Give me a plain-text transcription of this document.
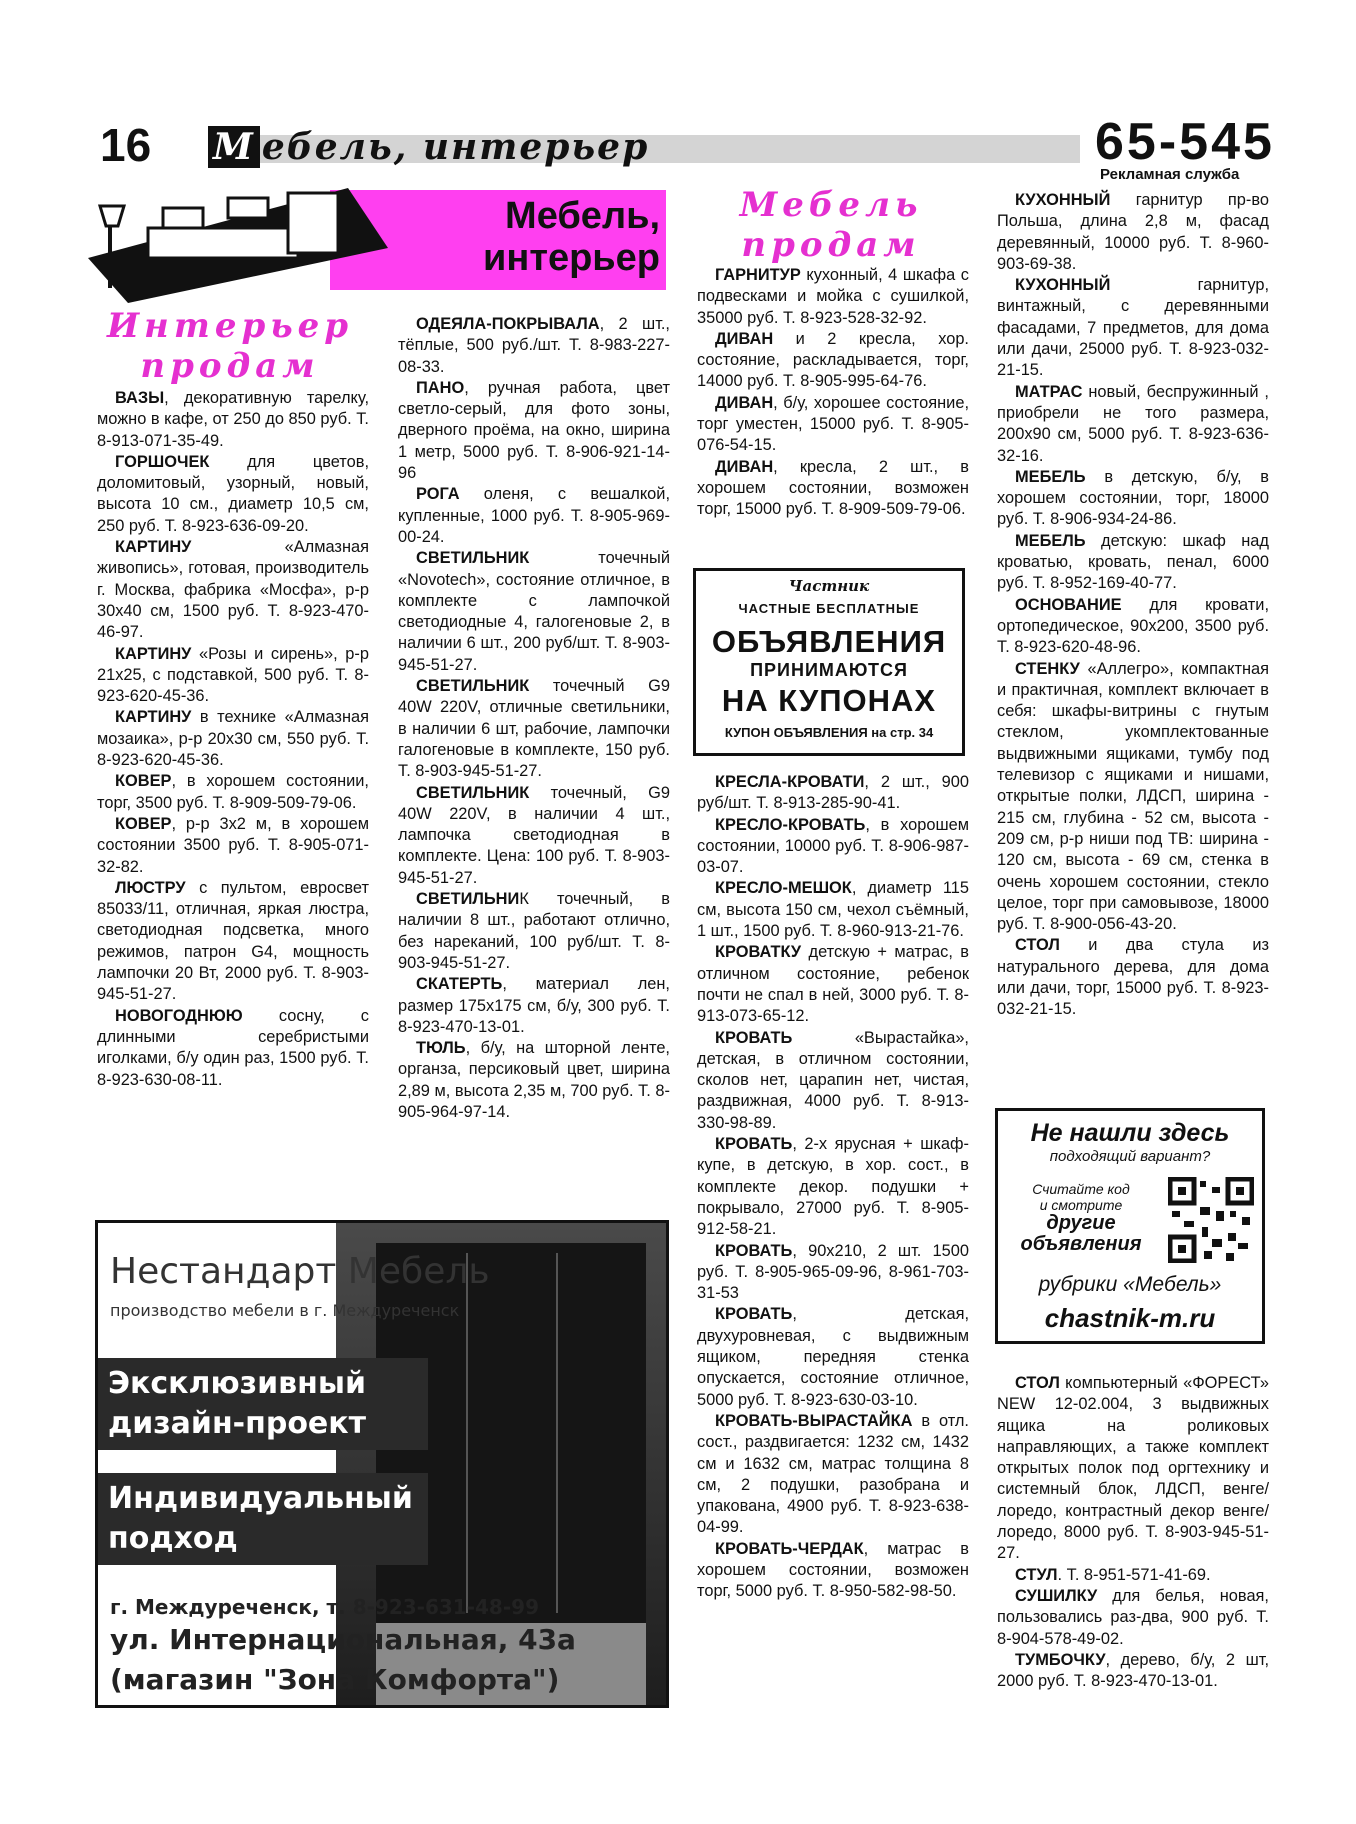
16 М ебель, интерьер	65-545
Рекламная служба
Мебель,
интерьер
Интерьер
продам

ВАЗЫ, декоративную тарелку, можно в кафе, от 250 до 850 руб. Т. 8-913-071-35-49.

ГОРШОЧЕК для цветов, доломитовый, узорный, новый, высота 10 см., диаметр 10,5 см, 250 руб. Т. 8-923-636-09-20.

КАРТИНУ «Алмазная живопись», готовая, производитель г. Москва, фабрика «Мосфа», р-р 30х40 см, 1500 руб. Т. 8-923-470-46-97.

КАРТИНУ «Розы и сирень», р-р 21х25, с подставкой, 500 руб. Т. 8-923-620-45-36.

КАРТИНУ в технике «Алмазная мозаика», р-р 20х30 см, 550 руб. Т. 8-923-620-45-36.

КОВЕР, в хорошем состоянии, торг, 3500 руб. Т. 8-909-509-79-06.

КОВЕР, р-р 3х2 м, в хорошем состоянии 3500 руб. Т. 8-905-071-32-82.

ЛЮСТРУ с пультом, евросвет 85033/11, отличная, яркая люстра, светодиодная подсветка, много режимов, патрон G4, мощность лампочки 20 Вт, 2000 руб. Т. 8-903-945-51-27.

НОВОГОДНЮЮ сосну, с длинными серебристыми иголками, б/у один раз, 1500 руб. Т. 8-923-630-08-11.

ОДЕЯЛА-ПОКРЫВАЛА, 2 шт., тёплые, 500 руб./шт. Т. 8-983-227-08-33.

ПАНО, ручная работа, цвет светло-серый, для фото зоны, дверного проёма, на окно, ширина 1 метр, 5000 руб. Т. 8-906-921-14-96

РОГА оленя, с вешалкой, купленные, 1000 руб. Т. 8-905-969-00-24.

СВЕТИЛЬНИК точечный «Novotech», состояние отличное, в комплекте с лампочкой светодиодные 4, галогеновые 2, в наличии 6 шт., 200 руб/шт. Т. 8-903-945-51-27.

СВЕТИЛЬНИК точечный G9 40W 220V, отличные светильники, в наличии 6 шт, рабочие, лампочки галогеновые в комплекте, 150 руб. Т. 8-903-945-51-27.

СВЕТИЛЬНИК точечный, G9 40W 220V, в наличии 4 шт., лампочка светодиодная в комплекте. Цена: 100 руб. Т. 8-903-945-51-27.

СВЕТИЛЬНИК точечный, в наличии 8 шт., работают отлично, без нареканий, 100 руб/шт. Т. 8-903-945-51-27.

СКАТЕРТЬ, материал лен, размер 175х175 см, б/у, 300 руб. Т. 8-923-470-13-01.

ТЮЛЬ, б/у, на шторной ленте, органза, персиковый цвет, ширина 2,89 м, высота 2,35 м, 700 руб. Т. 8-905-964-97-14.

Мебель
продам

ГАРНИТУР кухонный, 4 шкафа с подвесками и мойка с сушилкой, 35000 руб. Т. 8-923-528-32-92.

ДИВАН и 2 кресла, хор. состояние, раскладывается, торг, 14000 руб. Т. 8-905-995-64-76.

ДИВАН, б/у, хорошее состояние, торг уместен, 15000 руб. Т. 8-905-076-54-15.

ДИВАН, кресла, 2 шт., в хорошем состоянии, возможен торг, 15000 руб. Т. 8-909-509-79-06.

Частник
ЧАСТНЫЕ БЕСПЛАТНЫЕ
ОБЪЯВЛЕНИЯ
ПРИНИМАЮТСЯ
НА КУПОНАХ
КУПОН ОБЪЯВЛЕНИЯ на стр. 34

КРЕСЛА-КРОВАТИ, 2 шт., 900 руб/шт. Т. 8-913-285-90-41.

КРЕСЛО-КРОВАТЬ, в хорошем состоянии, 10000 руб. Т. 8-906-987-03-07.

КРЕСЛО-МЕШОК, диаметр 115 см, высота 150 см, чехол съёмный, 1 шт., 1500 руб. Т. 8-960-913-21-76.

КРОВАТКУ детскую + матрас, в отличном состояние, ребенок почти не спал в ней, 3000 руб. Т. 8-913-073-65-12.

КРОВАТЬ «Вырастайка», детская, в отличном состоянии, сколов нет, царапин нет, чистая, раздвижная, 4000 руб. Т. 8-913-330-98-89.

КРОВАТЬ, 2-х ярусная + шкаф-купе, в детскую, в хор. сост., в комплекте декор. подушки + покрывало, 27000 руб. Т. 8-905-912-58-21.

КРОВАТЬ, 90х210, 2 шт. 1500 руб. Т. 8-905-965-09-96, 8-961-703-31-53

КРОВАТЬ, детская, двухуровневая, с выдвижным ящиком, передняя стенка опускается, состояние отличное, 5000 руб. Т. 8-923-630-03-10.

КРОВАТЬ-ВЫРАСТАЙКА в отл. сост., раздвигается: 1232 см, 1432 см и 1632 см, матрас толщина 8 см, 2 подушки, разобрана и упакована, 4900 руб. Т. 8-923-638-04-99.

КРОВАТЬ-ЧЕРДАК, матрас в хорошем состоянии, возможен торг, 5000 руб. Т. 8-950-582-98-50.

КУХОННЫЙ гарнитур пр-во Польша, длина 2,8 м, фасад деревянный, 10000 руб. Т. 8-960-903-69-38.

КУХОННЫЙ гарнитур, винтажный, с деревянными фасадами, 7 предметов, для дома или дачи, 25000 руб. Т. 8-923-032-21-15.

МАТРАС новый, беспружинный , приобрели не того размера, 200х90 см, 5000 руб. Т. 8-923-636-32-16.

МЕБЕЛЬ в детскую, б/у, в хорошем состоянии, торг, 18000 руб. Т. 8-906-934-24-86.

МЕБЕЛЬ детскую: шкаф над кроватью, кровать, пенал, 6000 руб. Т. 8-952-169-40-77.

ОСНОВАНИЕ для кровати, ортопедическое, 90х200, 3500 руб. Т. 8-923-620-48-96.

СТЕНКУ «Аллегро», компактная и практичная, комплект включает в себя: шкафы-витрины с гнутым стеклом, укомплектованные выдвижными ящиками, тумбу под телевизор с ящиками и нишами, открытые полки, ЛДСП, ширина - 215 см, глубина - 52 см, высота - 209 см, р-р ниши под ТВ: ширина - 120 см, высота - 69 см, стенка в очень хорошем состоянии, стекло целое, торг при самовывозе, 18000 руб. Т. 8-900-056-43-20.

СТОЛ и два стула из натурального дерева, для дома или дачи, торг, 15000 руб. Т. 8-923-032-21-15.

Не нашли здесь
подходящий вариант?
Считайте код
и смотрите
другие
объявления
рубрики «Мебель»
chastnik-m.ru

СТОЛ компьютерный «ФОРЕСТ» NEW 12-02.004, 3 выдвижных ящика на роликовых направляющих, а также комплект открытых полок под оргтехнику и системный блок, ЛДСП, венге/лоредо, контрастный декор венге/лоредо, 8000 руб. Т. 8-903-945-51-27.

СТУЛ. Т. 8-951-571-41-69.

СУШИЛКУ для белья, новая, пользовались раз-два, 900 руб. Т. 8-904-578-49-02.

ТУМБОЧКУ, дерево, б/у, 2 шт, 2000 руб. Т. 8-923-470-13-01.

Нестандарт Мебель
производство мебели в г. Междуреченск
Эксклюзивный
дизайн-проект
Индивидуальный
подход
г. Междуреченск, т. 8-923-631-48-99
ул. Интернациональная, 43а
(магазин "Зона Комфорта")
